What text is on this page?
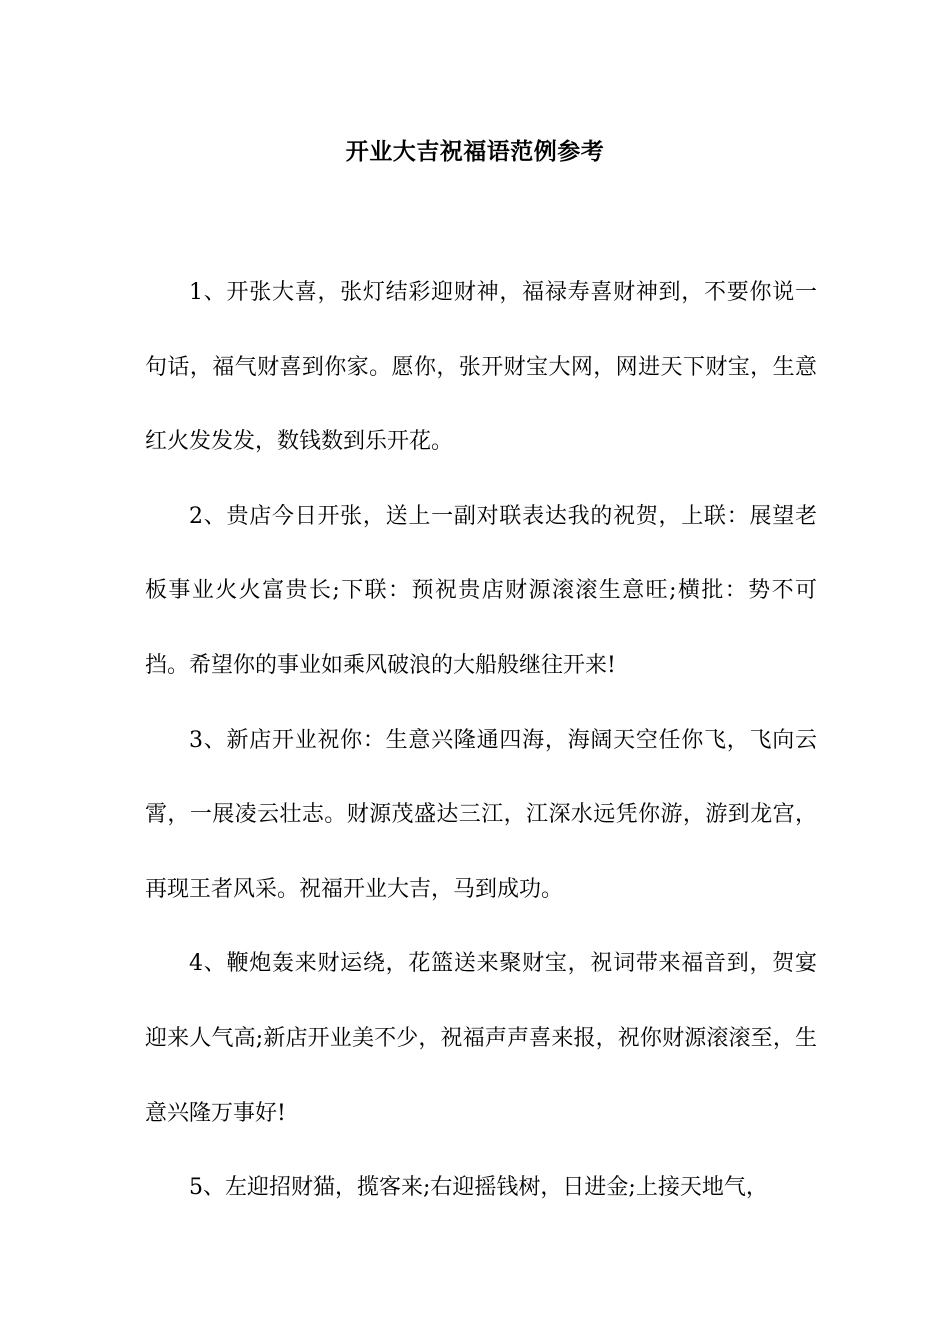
开业大吉祝福语范例参考

1、开张大喜，张灯结彩迎财神，福禄寿喜财神到，不要你说一句话，福气财喜到你家。愿你，张开财宝大网，网进天下财宝，生意红火发发发，数钱数到乐开花。

2、贵店今日开张，送上一副对联表达我的祝贺，上联：展望老板事业火火富贵长;下联：预祝贵店财源滚滚生意旺;横批：势不可挡。希望你的事业如乘风破浪的大船般继往开来!

3、新店开业祝你：生意兴隆通四海，海阔天空任你飞，飞向云霄，一展凌云壮志。财源茂盛达三江，江深水远凭你游，游到龙宫，再现王者风采。祝福开业大吉，马到成功。

4、鞭炮轰来财运绕，花篮送来聚财宝，祝词带来福音到，贺宴迎来人气高;新店开业美不少，祝福声声喜来报，祝你财源滚滚至，生意兴隆万事好!

5、左迎招财猫，揽客来;右迎摇钱树，日进金;上接天地气，
